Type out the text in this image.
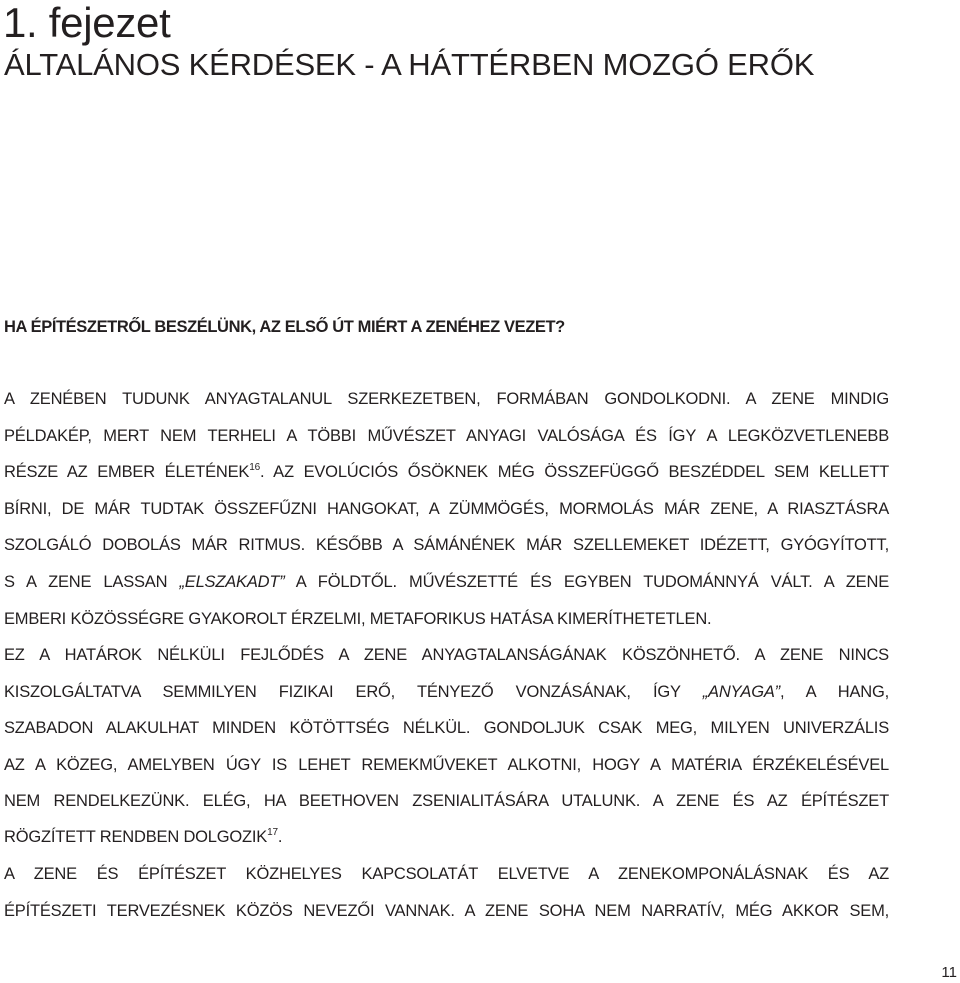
1. fejezet
ÁLTALÁNOS KÉRDÉSEK - A HÁTTÉRBEN MOZGÓ ERŐK
HA ÉPÍTÉSZETRŐL BESZÉLÜNK, AZ ELSŐ ÚT MIÉRT A ZENÉHEZ VEZET?
A ZENÉBEN TUDUNK ANYAGTALANUL SZERKEZETBEN, FORMÁBAN GONDOLKODNI. A ZENE MINDIG
PÉLDAKÉP, MERT NEM TERHELI A TÖBBI MŰVÉSZET ANYAGI VALÓSÁGA ÉS ÍGY A LEGKÖZVETLENEBB
RÉSZE AZ EMBER ÉLETÉNEK$^{16}$. AZ EVOLÚCIÓS ŐSÖKNEK MÉG ÖSSZEFÜGGŐ BESZÉDDEL SEM KELLETT
BÍRNI, DE MÁR TUDTAK ÖSSZEFŰZNI HANGOKAT, A ZÜMMÖGÉS, MORMOLÁS MÁR ZENE, A RIASZTÁSRA
SZOLGÁLÓ DOBOLÁS MÁR RITMUS. KÉSŐBB A SÁMÁNÉNEK MÁR SZELLEMEKET IDÉZETT, GYÓGYÍTOTT,
S A ZENE LASSAN „ELSZAKADT” A FÖLDTŐL. MŰVÉSZETTÉ ÉS EGYBEN TUDOMÁNNYÁ VÁLT. A ZENE
EMBERI KÖZÖSSÉGRE GYAKOROLT ÉRZELMI, METAFORIKUS HATÁSA KIMERÍTHETETLEN.
EZ A HATÁROK NÉLKÜLI FEJLŐDÉS A ZENE ANYAGTALANSÁGÁNAK KÖSZÖNHETŐ. A ZENE NINCS
KISZOLGÁLTATVA SEMMILYEN FIZIKAI ERŐ, TÉNYEZŐ VONZÁSÁNAK, ÍGY „ANYAGA”, A HANG,
SZABADON ALAKULHAT MINDEN KÖTÖTTSÉG NÉLKÜL. GONDOLJUK CSAK MEG, MILYEN UNIVERZÁLIS
AZ A KÖZEG, AMELYBEN ÚGY IS LEHET REMEKMŰVEKET ALKOTNI, HOGY A MATÉRIA ÉRZÉKELÉSÉVEL
NEM RENDELKEZÜNK. ELÉG, HA BEETHOVEN ZSENIALITÁSÁRA UTALUNK. A ZENE ÉS AZ ÉPÍTÉSZET
RÖGZÍTETT RENDBEN DOLGOZIK$^{17}$.
A ZENE ÉS ÉPÍTÉSZET KÖZHELYES KAPCSOLATÁT ELVETVE A ZENEKOMPONÁLÁSNAK ÉS AZ
ÉPÍTÉSZETI TERVEZÉSNEK KÖZÖS NEVEZŐI VANNAK. A ZENE SOHA NEM NARRATÍV, MÉG AKKOR SEM,
11
